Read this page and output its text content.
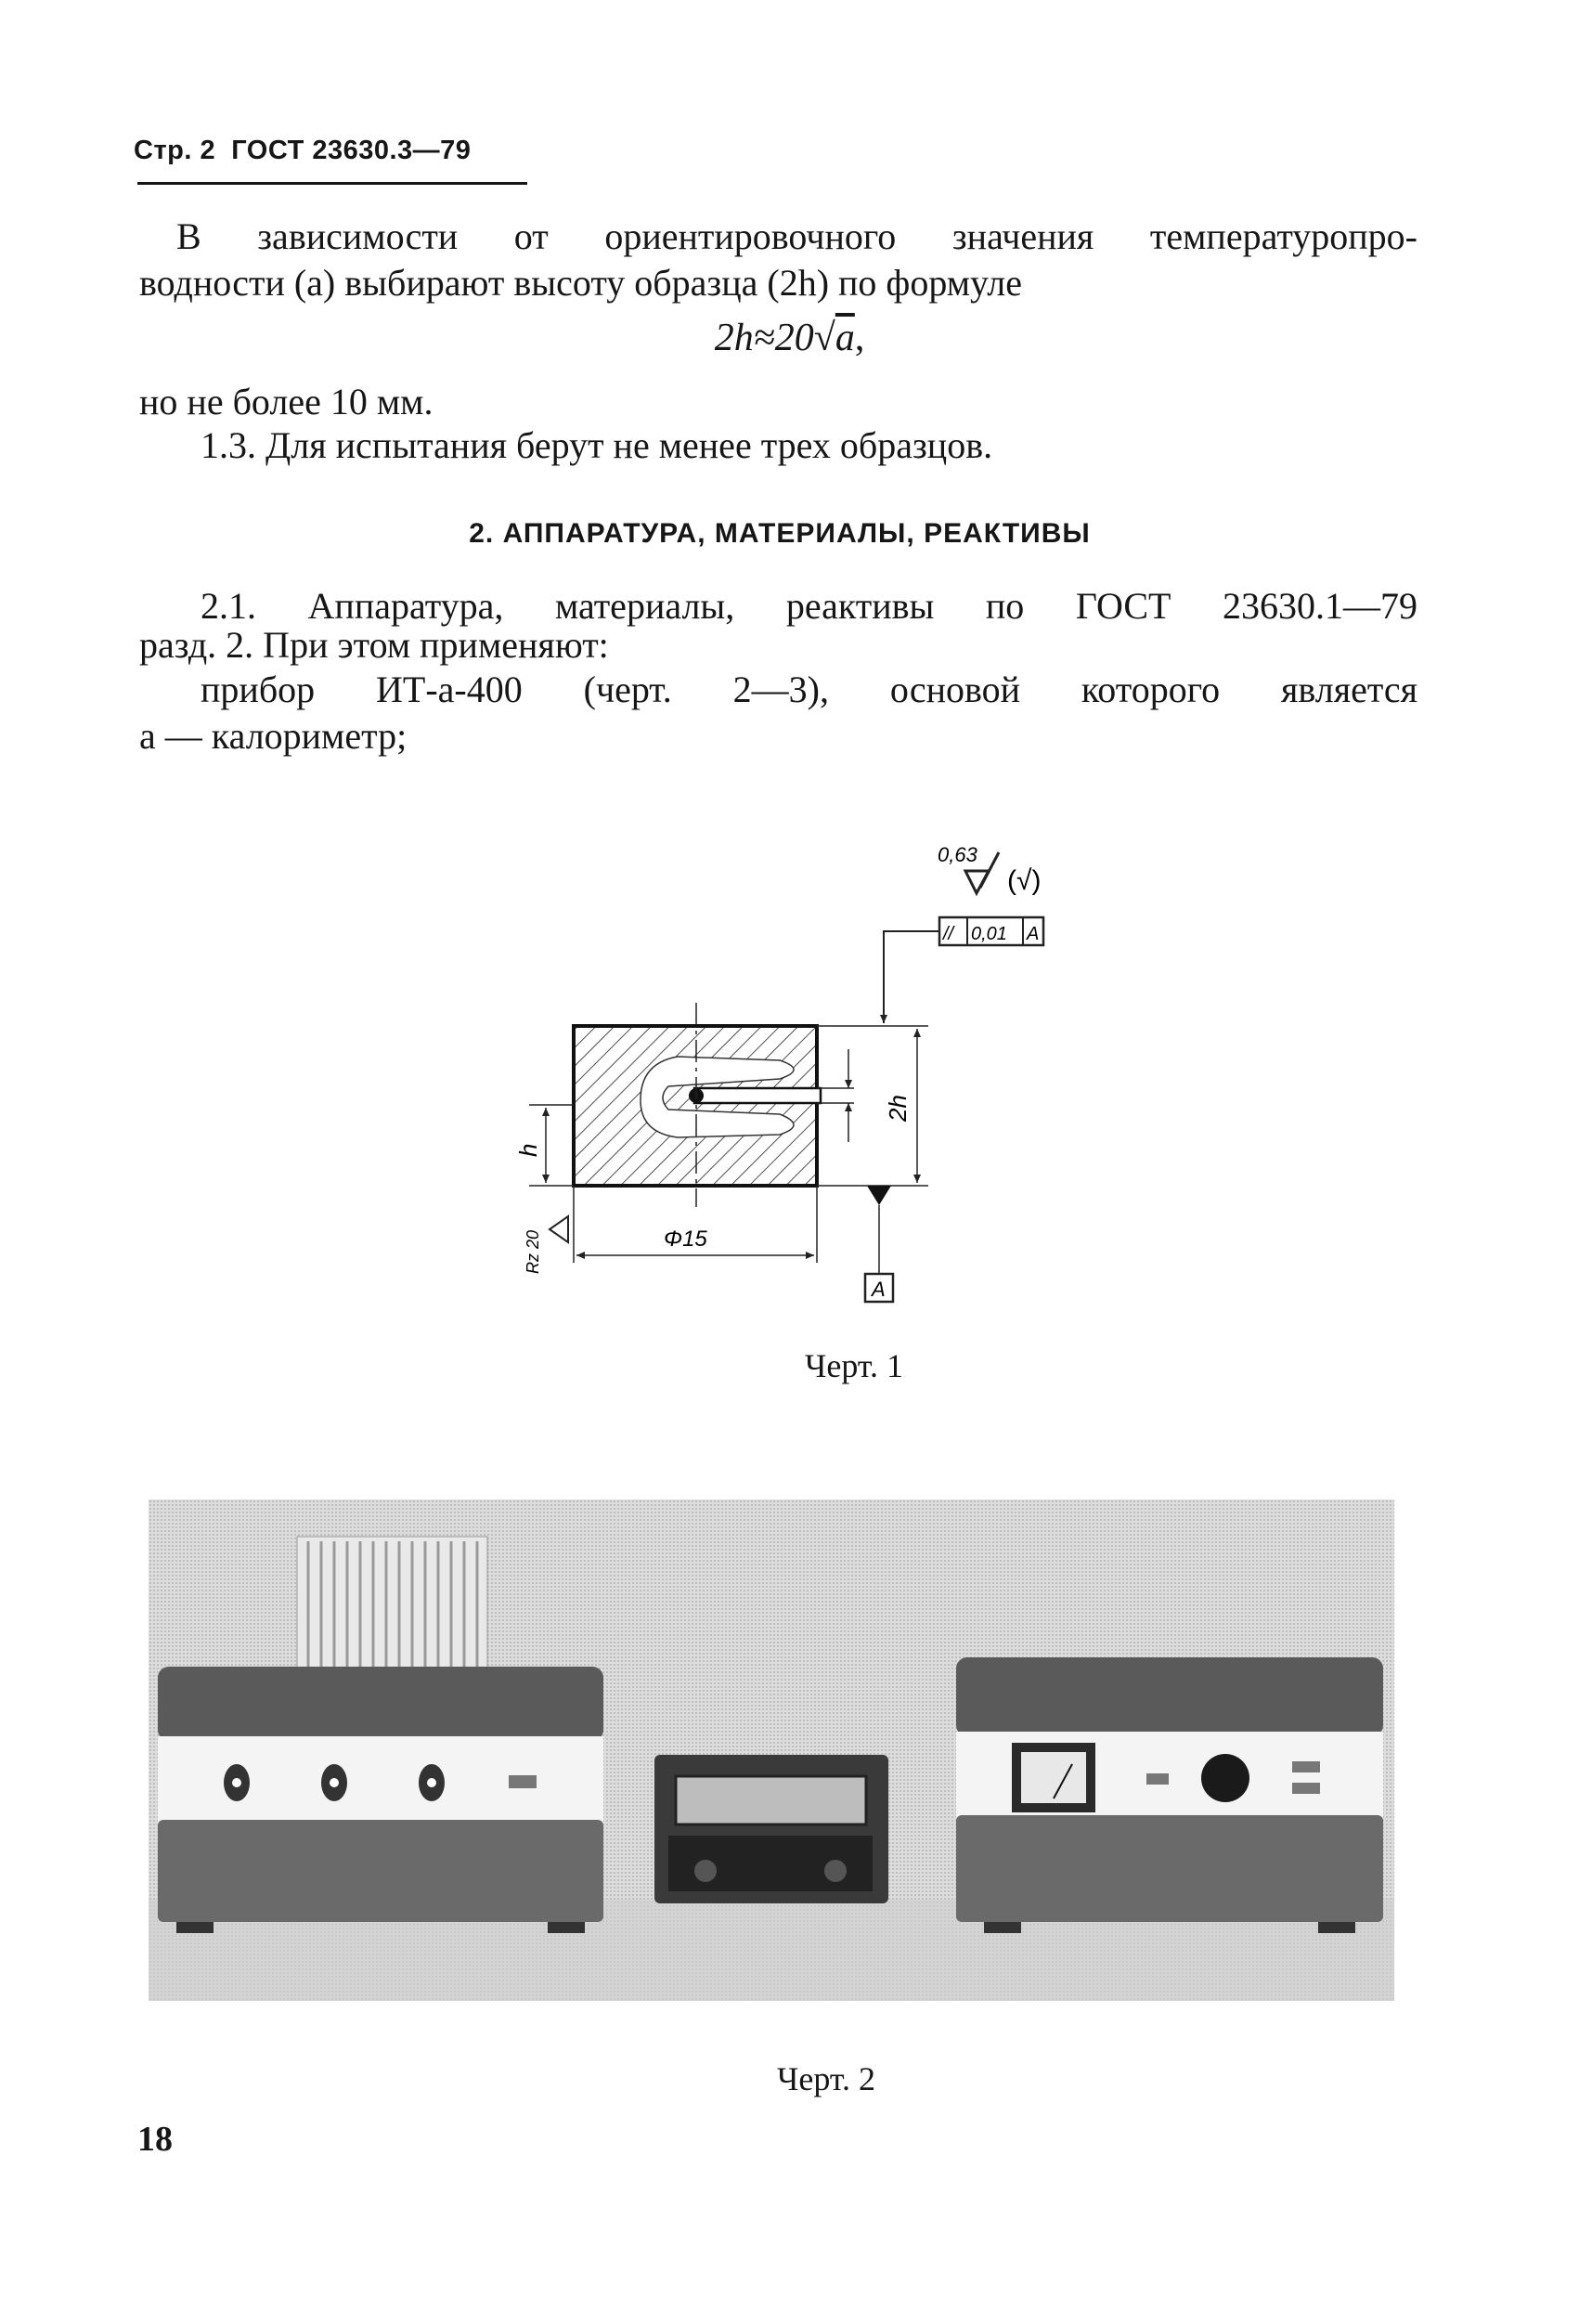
Стр. 2 ГОСТ 23630.3—79
В зависимости от ориентировочного значения температуропро-
водности (a) выбирают высоту образца (2h) по формуле
2h≈20√a,
но не более 10 мм.
1.3. Для испытания берут не менее трех образцов.
2. АППАРАТУРА, МАТЕРИАЛЫ, РЕАКТИВЫ
2.1. Аппаратура, материалы, реактивы по ГОСТ 23630.1—79
разд. 2. При этом применяют:
прибор ИТ-a-400 (черт. 2—3), основой которого является
a — калориметр;
0,63
(√)
// 0,01 A
2h
h
A
Φ15
Rz 20
Черт. 1
Черт. 2
18
